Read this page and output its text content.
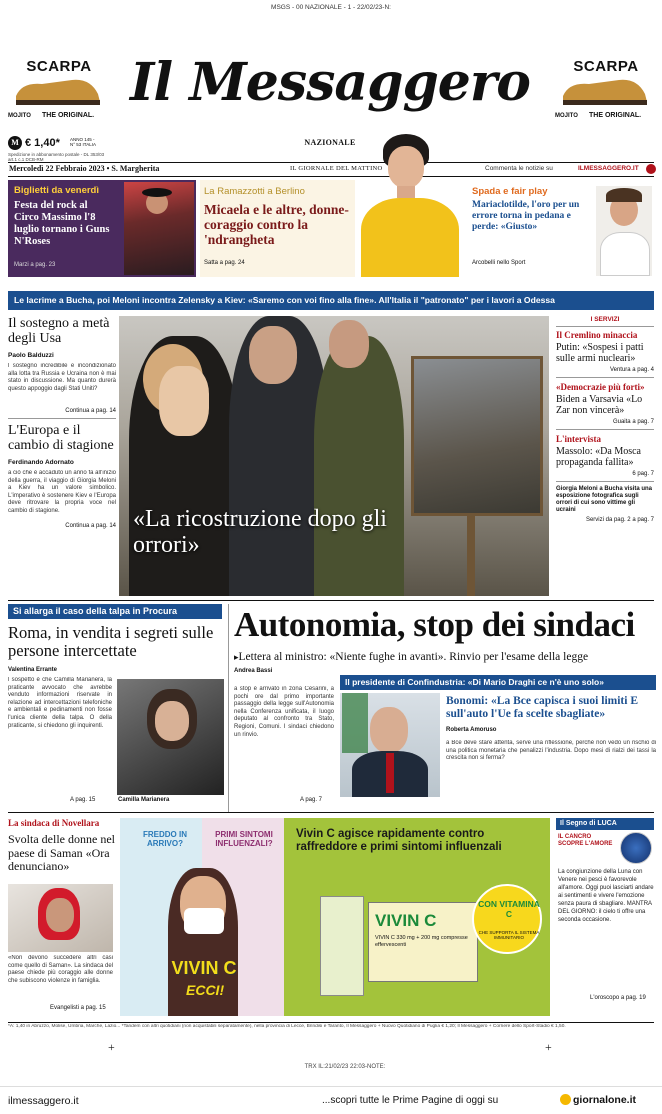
MSGS - 00 NAZIONALE - 1 - 22/02/23-N:
SCARPA
MOJITO THE ORIGINAL.
SCARPA
MOJITO THE ORIGINAL.
Il Messaggero
NAZIONALE
M € 1,40* ANNO 145 - N° 53 ITALIA
Spedizione in abbonamento postale - DL 353/03 art.1 c.1 DCB-RM
Mercoledì 22 Febbraio 2023 • S. Margherita	IL GIORNALE DEL MATTINO	Commenta le notizie su	ILMESSAGGERO.IT
Biglietti da venerdì
Festa del rock al Circo Massimo l'8 luglio tornano i Guns N'Roses
Marzi a pag. 23
La Ramazzotti a Berlino
Micaela e le altre, donne-coraggio contro la 'ndrangheta
Satta a pag. 24
Spada e fair play
Mariaclotilde, l'oro per un errore torna in pedana e perde: «Giusto»
Arcobelli nello Sport
Le lacrime a Bucha, poi Meloni incontra Zelensky a Kiev: «Saremo con voi fino alla fine». All'Italia il "patronato" per i lavori a Odessa
Il sostegno a metà degli Usa
Paolo Balduzzi
l sostegno incredibile e incondizionato alla lotta tra Russia e Ucraina non è mai stato in discussione. Ma quanto durerà questo appoggio dagli Stati Uniti?
Continua a pag. 14
L'Europa e il cambio di stagione
Ferdinando Adornato
a ciò che è accaduto un anno fa all'inizio della guerra, il viaggio di Giorgia Meloni a Kiev ha un valore simbolico. L'imperativo è sostenere Kiev e l'Europa deve ritrovare la propria voce nel cambio di stagione.
Continua a pag. 14 «La ricostruzione dopo gli orrori»
I SERVIZI
Il Cremlino minaccia
Putin: «Sospesi i patti sulle armi nucleari»
Ventura a pag. 4
«Democrazie più forti»
Biden a Varsavia «Lo Zar non vincerà»
Guaita a pag. 7
L'intervista
Massolo: «Da Mosca propaganda fallita»
6 pag. 7
Giorgia Meloni a Bucha visita una esposizione fotografica sugli orrori di cui sono vittime gli ucraini
Servizi da pag. 2 a pag. 7
Si allarga il caso della talpa in Procura
Roma, in vendita i segreti sulle persone intercettate
Valentina Errante
l sospetto è che Camilla Marianera, la praticante avvocato che avrebbe venduto informazioni riservate in relazione ad intercettazioni telefoniche e ambientali e pedinamenti non fosse l'unica cliente della talpa. O della praticante, si chiedono gli inquirenti.
A pag. 15	Camilla Marianera
Autonomia, stop dei sindaci
▸Lettera al ministro: «Niente fughe in avanti». Rinvio per l'esame della legge
Andrea Bassi
a stop è arrivato in zona Cesarini, a pochi ore dal primo importante passaggio della legge sull'Autonomia nella Conferenza unificata, il luogo deputato al confronto tra Stato, Regioni, Comuni. I sindaci chiedono un rinvio.
A pag. 7
Il presidente di Confindustria: «Di Mario Draghi ce n'è uno solo»
Bonomi: «La Bce capisca i suoi limiti E sull'auto l'Ue fa scelte sbagliate»
Roberta Amoruso
a Bce deve stare attenta, serve una riflessione, perché non vedo un rischio di una politica monetaria che penalizzi l'industria. Dopo mesi di rialzi dei tassi la crescita non si ferma?
La sindaca di Novellara
Svolta delle donne nel paese di Saman «Ora denunciano»
«Non devono succedere altri casi come quello di Saman». La sindaca del paese chiede più coraggio alle donne che subiscono violenze in famiglia.
Evangelisti a pag. 15
FREDDO IN ARRIVO?
PRIMI SINTOMI INFLUENZALI?
VIVIN C
ECCI!
Vivin C agisce rapidamente contro raffreddore e primi sintomi influenzali
VIVIN C
VIVIN C 330 mg + 200 mg compresse effervescenti
CON VITAMINA C
CHE SUPPORTA IL SISTEMA IMMUNITARIO
Il Segno di LUCA
IL CANCRO SCOPRE L'AMORE
La congiunzione della Luna con Venere nei pesci è favorevole all'amore. Oggi puoi lasciarti andare ai sentimenti e vivere l'emozione senza paura di sbagliare. MANTRA DEL GIORNO: il cielo ti offre una seconda occasione.
L'oroscopo a pag. 19
*A: 1,40 in Abruzzo, Molise, Umbria, Marche, Lazio... *Tandem con altri quotidiani (non acquistabili separatamente), nella provincia di Lecce, Brindisi e Taranto, Il Messaggero + Nuovo Quotidiano di Puglia € 1,20; Il Messaggero + Corriere dello Sport-Stadio € 1,50.
+	+
TRX IL:21/02/23 22:03-NOTE:
ilmessaggero.it	...scopri tutte le Prime Pagine di oggi su	giornalone.it
